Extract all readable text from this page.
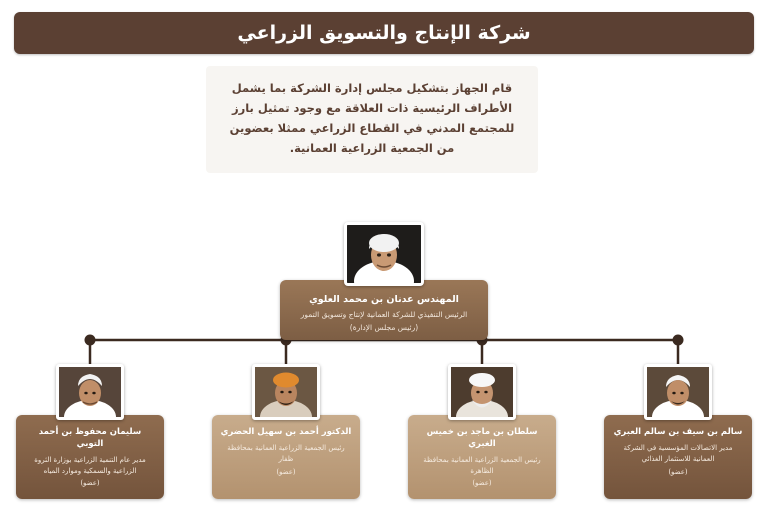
شركة الإنتاج والتسويق الزراعي
قام الجهاز بتشكيل مجلس إدارة الشركة بما يشمل الأطراف الرئيسية ذات العلاقة مع وجود تمثيل بارز للمجتمع المدني في القطاع الزراعي ممثلا بعضوين من الجمعية الزراعية العمانية.
المهندس عدنان بن محمد العلوي
الرئيس التنفيذي للشركة العمانية لإنتاج وتسويق التمور
(رئيس مجلس الإدارة)
سالم بن سيف بن سالم العبري
مدير الاتصالات المؤسسية في الشركة العمانية للاستثمار الغذائي
(عضو)
سلطان بن ماجد بن خميس الغبري
رئيس الجمعية الزراعية العمانية بمحافظة الظاهرة
(عضو)
الدكتور أحمد بن سهيل الحضري
رئيس الجمعية الزراعية العمانية بمحافظة ظفار
(عضو)
سليمان محفوظ بن أحمد التوبي
مدير عام التنمية الزراعية بوزارة الثروة الزراعية والسمكية وموارد المياه
(عضو)
